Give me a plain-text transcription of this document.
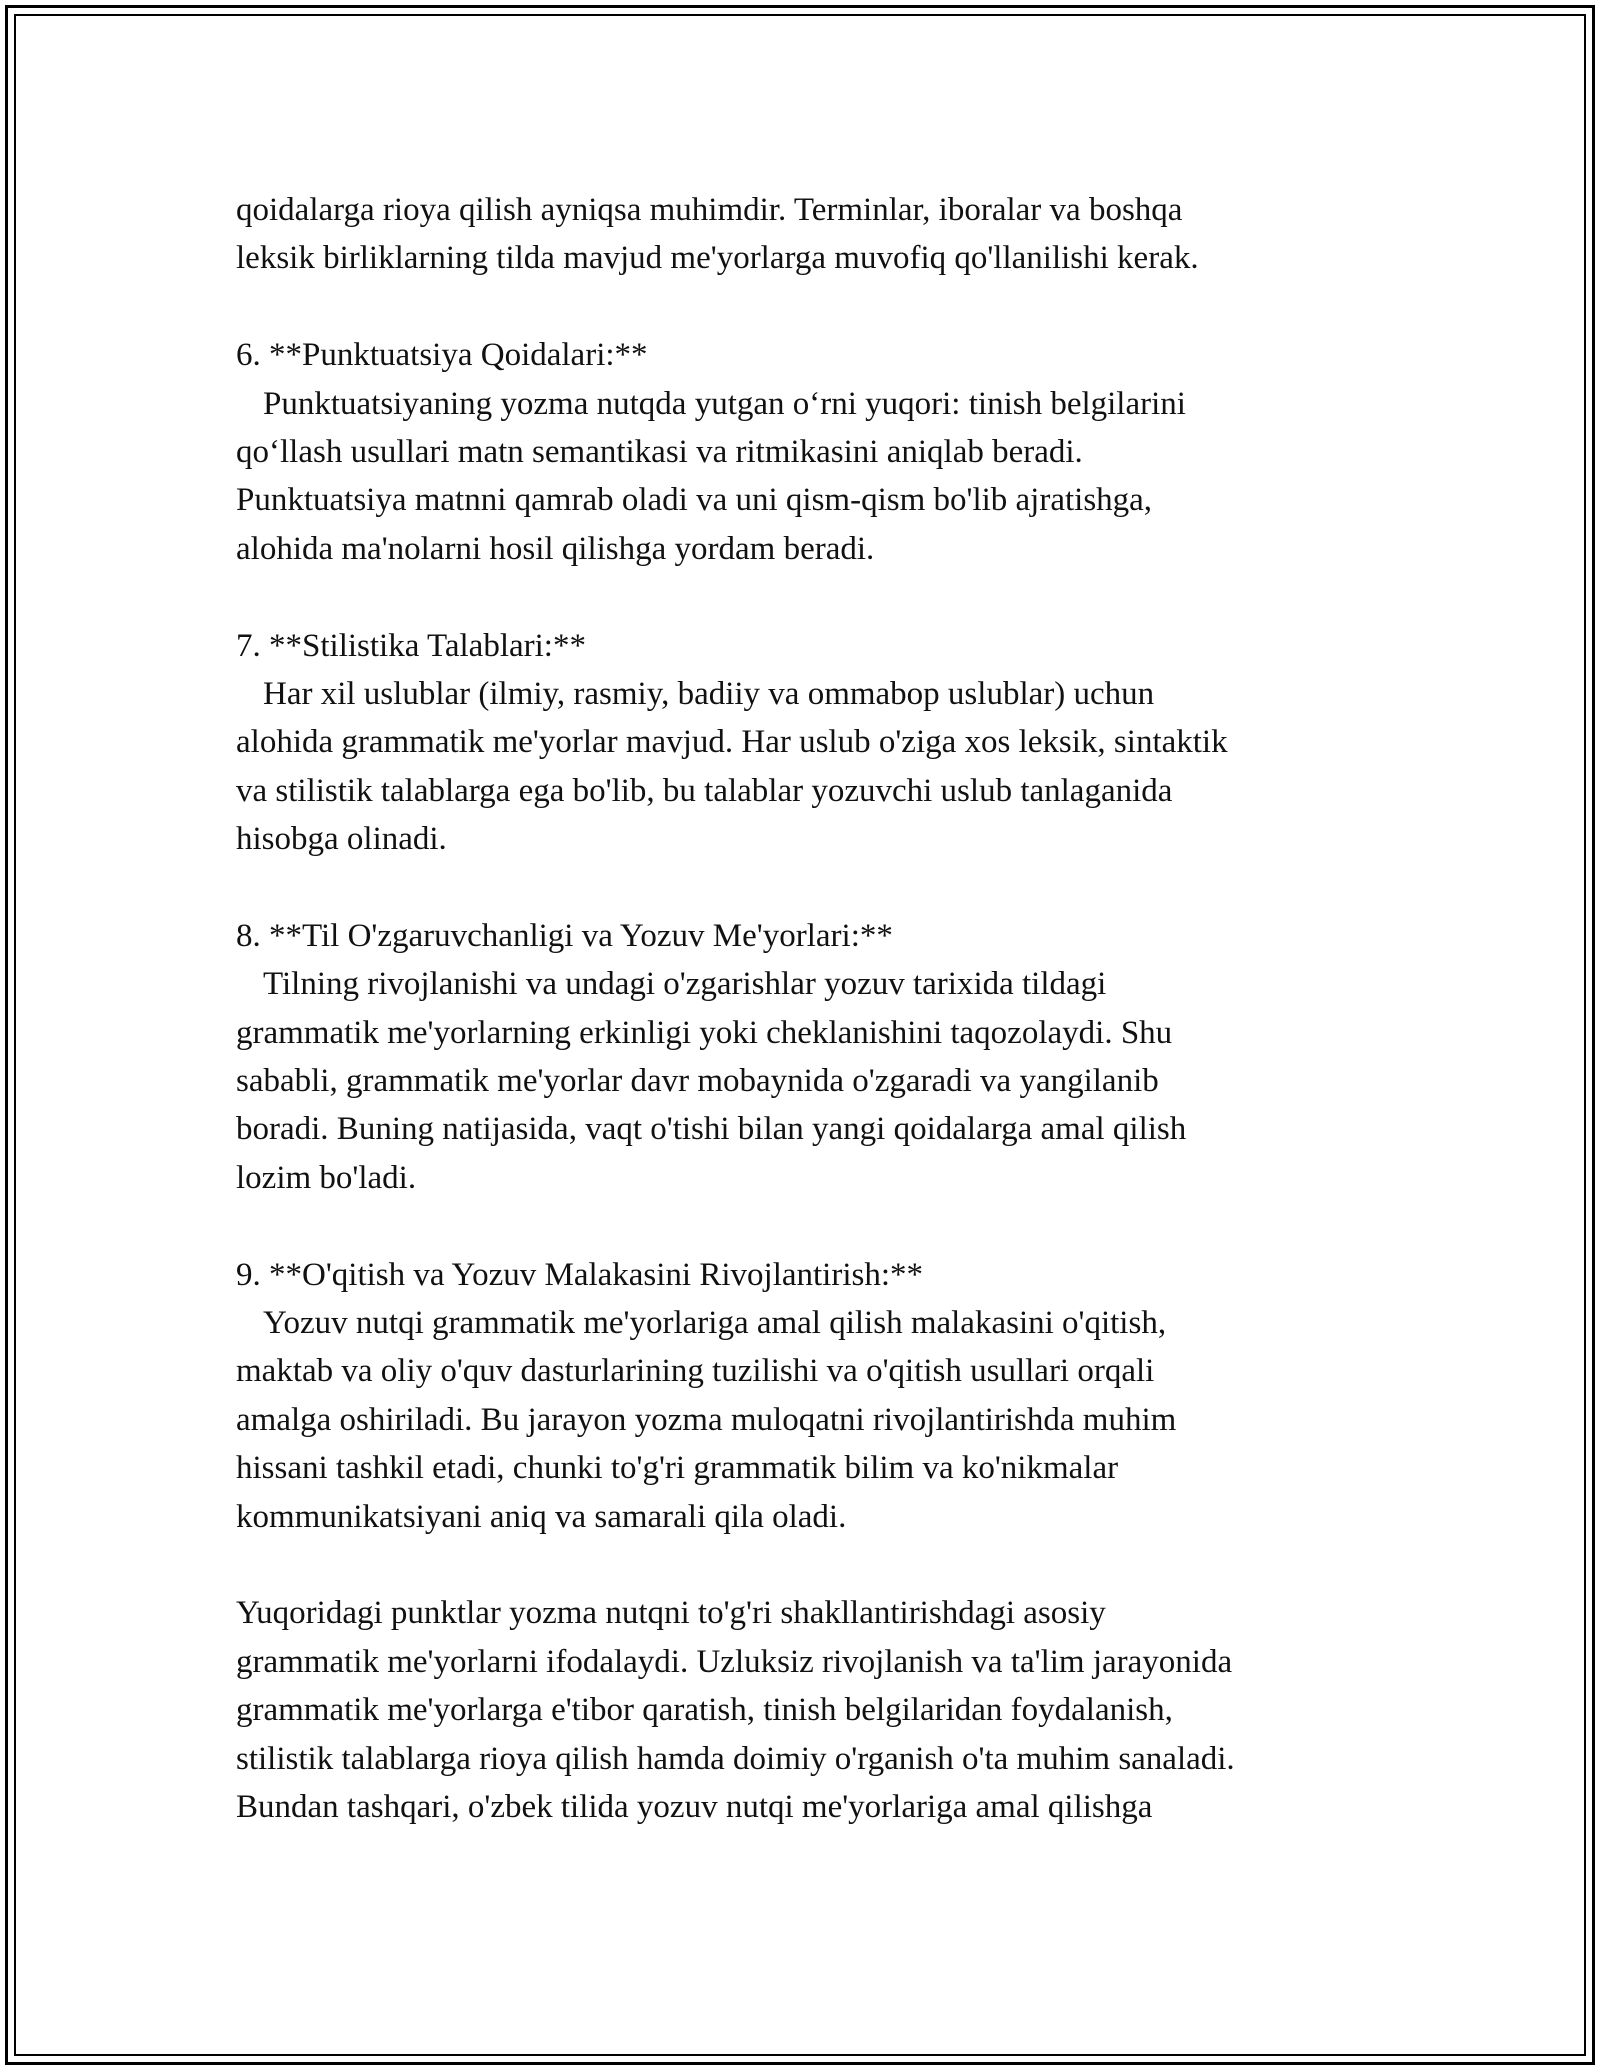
qoidalarga rioya qilish ayniqsa muhimdir. Terminlar, iboralar va boshqa
leksik birliklarning tilda mavjud me'yorlarga muvofiq qo'llanilishi kerak.
6. **Punktuatsiya Qoidalari:**
Punktuatsiyaning yozma nutqda yutgan o‘rni yuqori: tinish belgilarini
qo‘llash usullari matn semantikasi va ritmikasini aniqlab beradi.
Punktuatsiya matnni qamrab oladi va uni qism-qism bo'lib ajratishga,
alohida ma'nolarni hosil qilishga yordam beradi.
7. **Stilistika Talablari:**
Har xil uslublar (ilmiy, rasmiy, badiiy va ommabop uslublar) uchun
alohida grammatik me'yorlar mavjud. Har uslub o'ziga xos leksik, sintaktik
va stilistik talablarga ega bo'lib, bu talablar yozuvchi uslub tanlaganida
hisobga olinadi.
8. **Til O'zgaruvchanligi va Yozuv Me'yorlari:**
Tilning rivojlanishi va undagi o'zgarishlar yozuv tarixida tildagi
grammatik me'yorlarning erkinligi yoki cheklanishini taqozolaydi. Shu
sababli, grammatik me'yorlar davr mobaynida o'zgaradi va yangilanib
boradi. Buning natijasida, vaqt o'tishi bilan yangi qoidalarga amal qilish
lozim bo'ladi.
9. **O'qitish va Yozuv Malakasini Rivojlantirish:**
Yozuv nutqi grammatik me'yorlariga amal qilish malakasini o'qitish,
maktab va oliy o'quv dasturlarining tuzilishi va o'qitish usullari orqali
amalga oshiriladi. Bu jarayon yozma muloqatni rivojlantirishda muhim
hissani tashkil etadi, chunki to'g'ri grammatik bilim va ko'nikmalar
kommunikatsiyani aniq va samarali qila oladi.
Yuqoridagi punktlar yozma nutqni to'g'ri shakllantirishdagi asosiy
grammatik me'yorlarni ifodalaydi. Uzluksiz rivojlanish va ta'lim jarayonida
grammatik me'yorlarga e'tibor qaratish, tinish belgilaridan foydalanish,
stilistik talablarga rioya qilish hamda doimiy o'rganish o'ta muhim sanaladi.
Bundan tashqari, o'zbek tilida yozuv nutqi me'yorlariga amal qilishga
